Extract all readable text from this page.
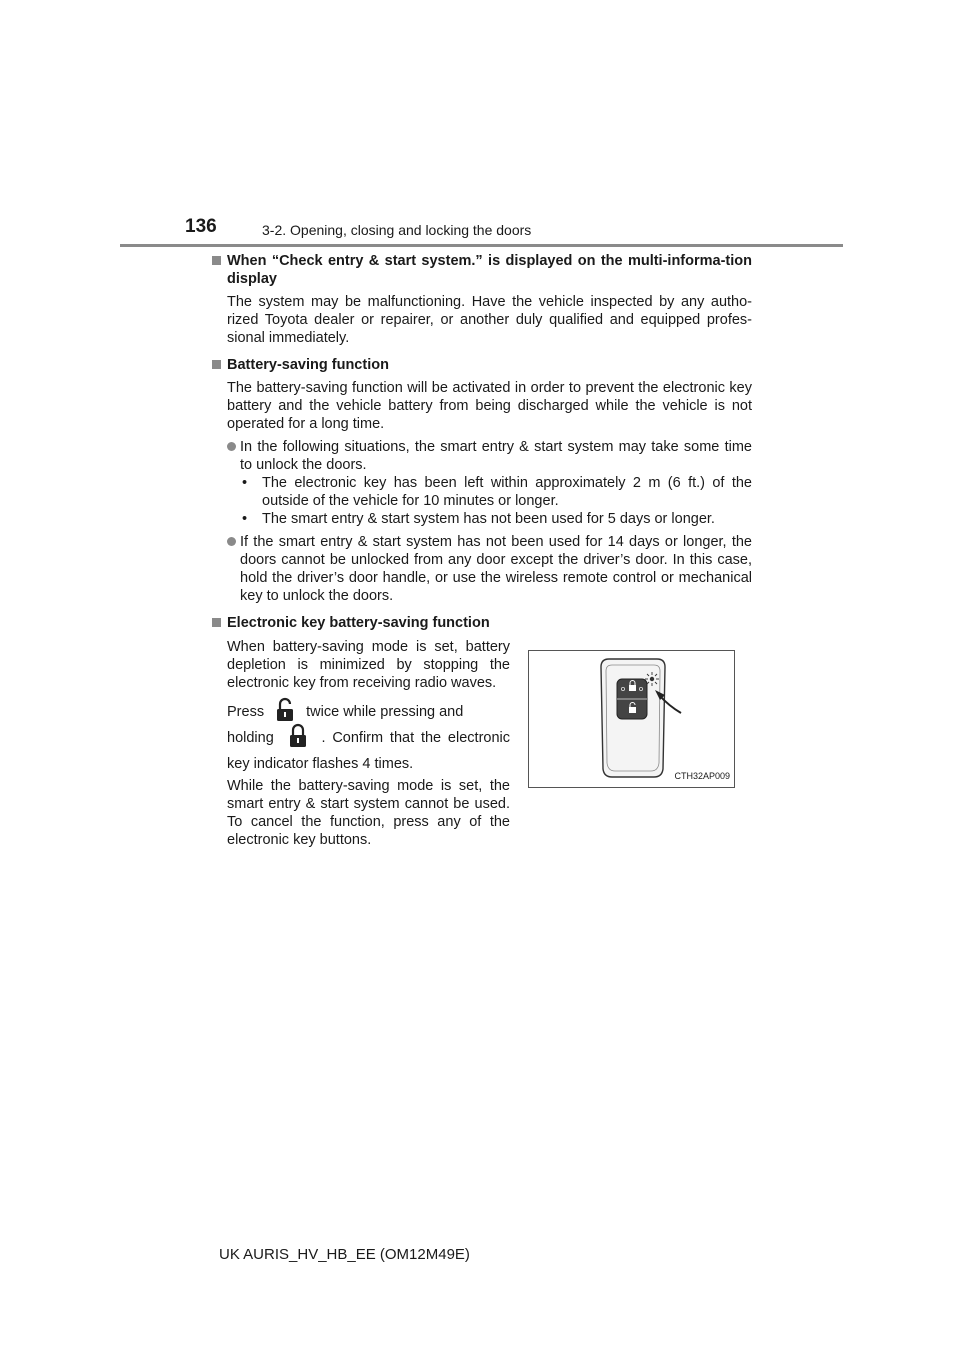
136	3-2. Opening, closing and locking the doors
When “Check entry & start system.” is displayed on the multi-informa-tion display
The system may be malfunctioning. Have the vehicle inspected by any autho-rized Toyota dealer or repairer, or another duly qualified and equipped profes-sional immediately.
Battery-saving function
The battery-saving function will be activated in order to prevent the electronic key battery and the vehicle battery from being discharged while the vehicle is not operated for a long time.
In the following situations, the smart entry & start system may take some time to unlock the doors.
• The electronic key has been left within approximately 2 m (6 ft.) of the outside of the vehicle for 10 minutes or longer.
• The smart entry & start system has not been used for 5 days or longer.
If the smart entry & start system has not been used for 14 days or longer, the doors cannot be unlocked from any door except the driver’s door. In this case, hold the driver’s door handle, or use the wireless remote control or mechanical key to unlock the doors.
Electronic key battery-saving function

When battery-saving mode is set, battery depletion is minimized by stopping the electronic key from receiving radio waves.

Press	twice while pressing and
holding	. Confirm that the electronic key indicator flashes 4 times.

While the battery-saving mode is set, the smart entry & start system cannot be used. To cancel the function, press any of the electronic key buttons.

CTH32AP009
UK AURIS_HV_HB_EE (OM12M49E)
